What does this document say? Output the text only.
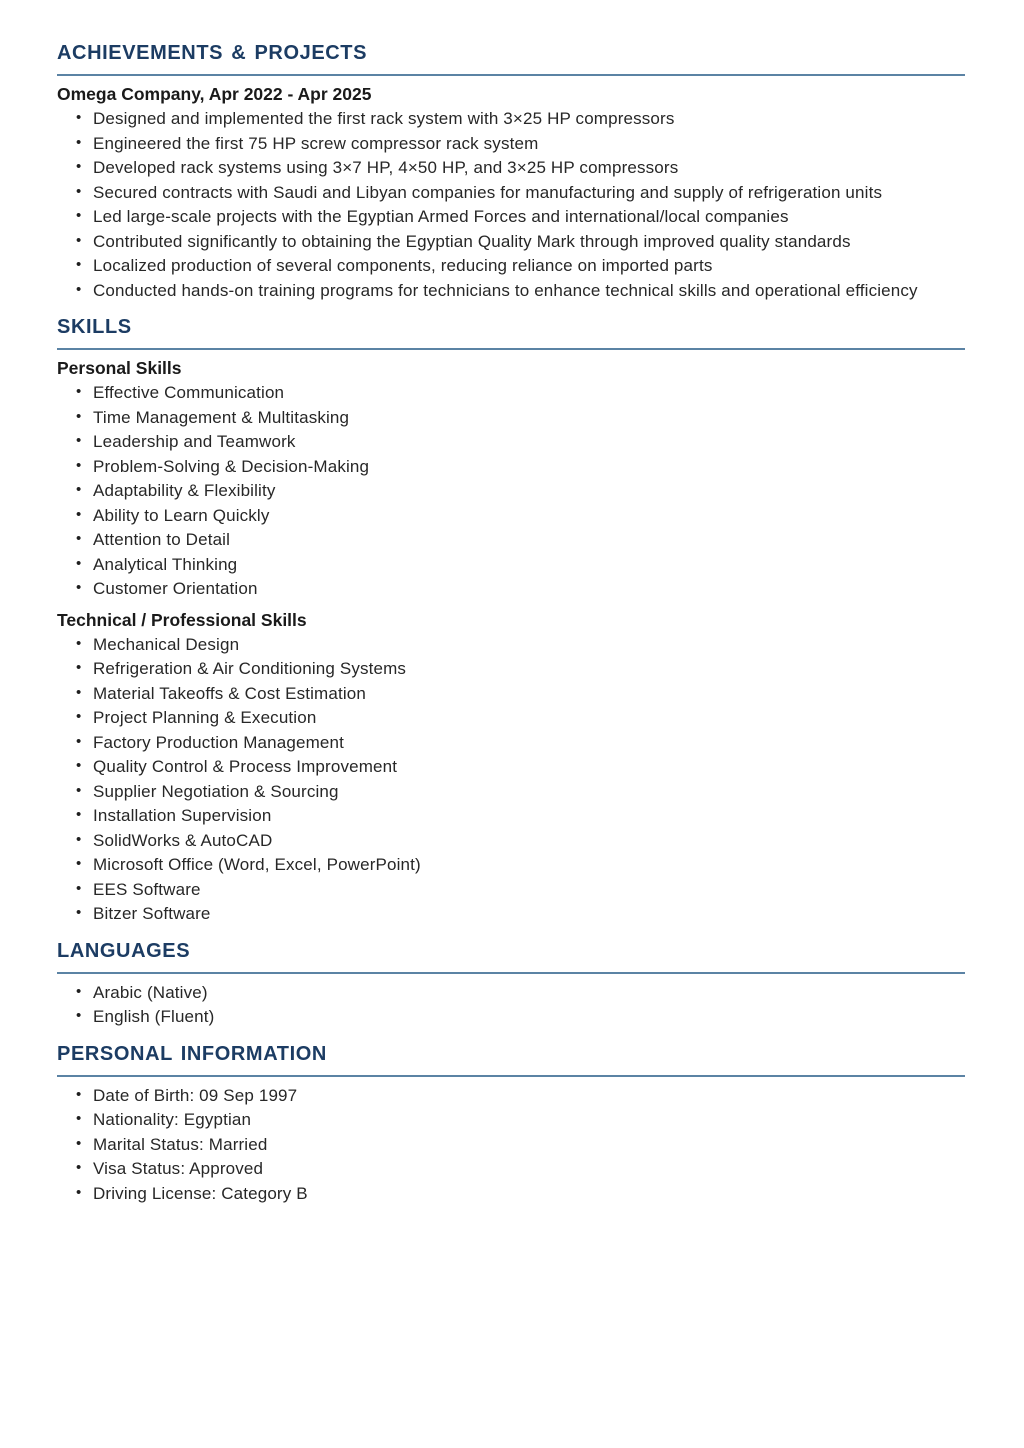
ACHIEVEMENTS & PROJECTS
Omega Company, Apr 2022 - Apr 2025
• Designed and implemented the first rack system with 3×25 HP compressors
• Engineered the first 75 HP screw compressor rack system
• Developed rack systems using 3×7 HP, 4×50 HP, and 3×25 HP compressors
• Secured contracts with Saudi and Libyan companies for manufacturing and supply of refrigeration units
• Led large-scale projects with the Egyptian Armed Forces and international/local companies
• Contributed significantly to obtaining the Egyptian Quality Mark through improved quality standards
• Localized production of several components, reducing reliance on imported parts
• Conducted hands-on training programs for technicians to enhance technical skills and operational efficiency
SKILLS
Personal Skills
• Effective Communication
• Time Management & Multitasking
• Leadership and Teamwork
• Problem-Solving & Decision-Making
• Adaptability & Flexibility
• Ability to Learn Quickly
• Attention to Detail
• Analytical Thinking
• Customer Orientation
Technical / Professional Skills
• Mechanical Design
• Refrigeration & Air Conditioning Systems
• Material Takeoffs & Cost Estimation
• Project Planning & Execution
• Factory Production Management
• Quality Control & Process Improvement
• Supplier Negotiation & Sourcing
• Installation Supervision
• SolidWorks & AutoCAD
• Microsoft Office (Word, Excel, PowerPoint)
• EES Software
• Bitzer Software
LANGUAGES
• Arabic (Native)
• English (Fluent)
PERSONAL INFORMATION
• Date of Birth: 09 Sep 1997
• Nationality: Egyptian
• Marital Status: Married
• Visa Status: Approved
• Driving License: Category B
